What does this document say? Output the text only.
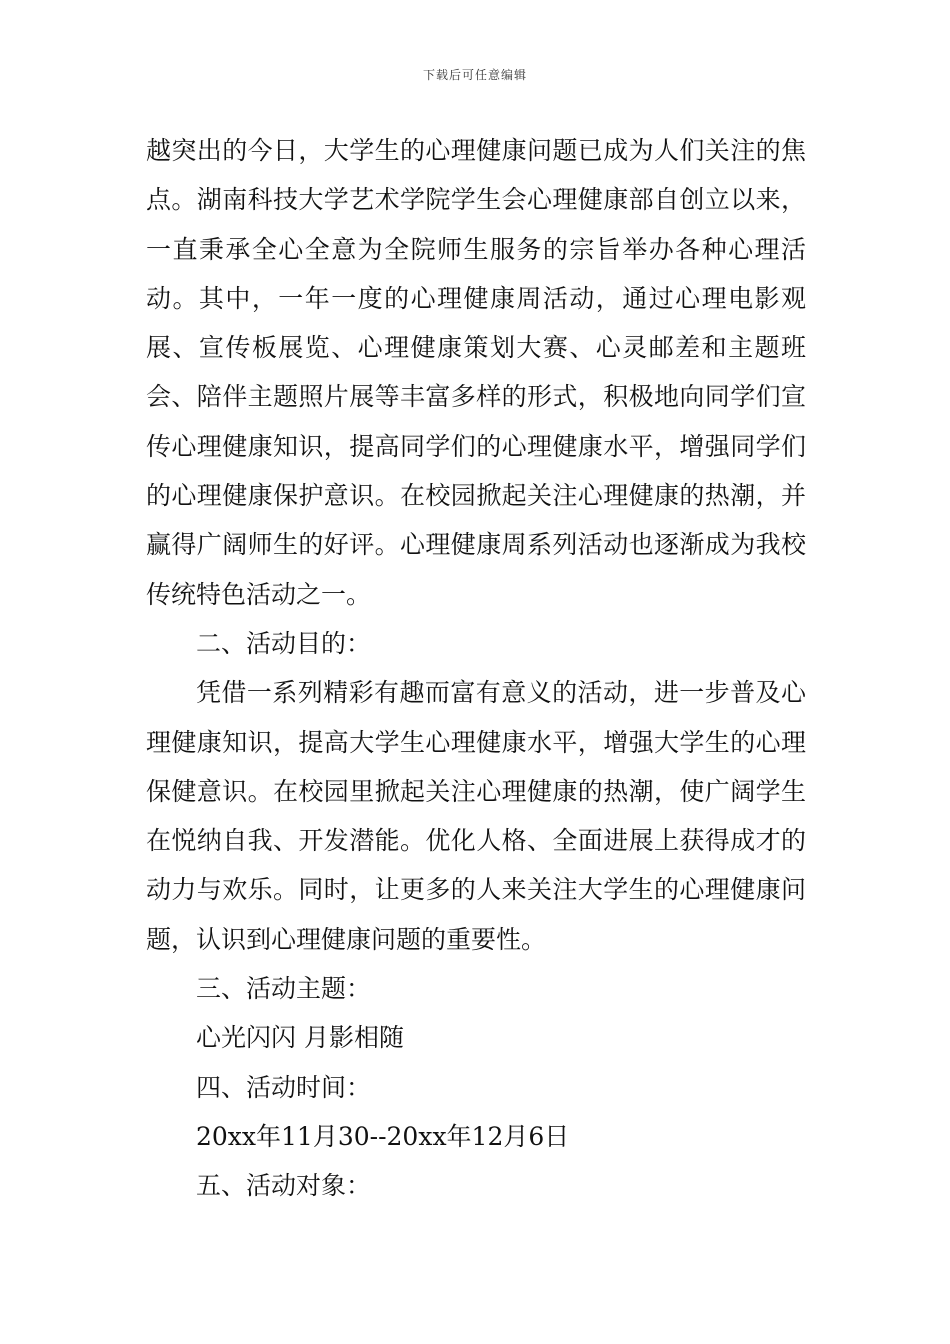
下载后可任意编辑

越突出的今日，大学生的心理健康问题已成为人们关注的焦点。湖南科技大学艺术学院学生会心理健康部自创立以来，一直秉承全心全意为全院师生服务的宗旨举办各种心理活动。其中，一年一度的心理健康周活动，通过心理电影观展、宣传板展览、心理健康策划大赛、心灵邮差和主题班会、陪伴主题照片展等丰富多样的形式，积极地向同学们宣传心理健康知识，提高同学们的心理健康水平，增强同学们的心理健康保护意识。在校园掀起关注心理健康的热潮，并赢得广阔师生的好评。心理健康周系列活动也逐渐成为我校传统特色活动之一。

二、活动目的：

凭借一系列精彩有趣而富有意义的活动，进一步普及心理健康知识，提高大学生心理健康水平，增强大学生的心理保健意识。在校园里掀起关注心理健康的热潮，使广阔学生在悦纳自我、开发潜能。优化人格、全面进展上获得成才的动力与欢乐。同时，让更多的人来关注大学生的心理健康问题，认识到心理健康问题的重要性。

三、活动主题：

心光闪闪 月影相随

四、活动时间：

20xx年11月30--20xx年12月6日

五、活动对象：
